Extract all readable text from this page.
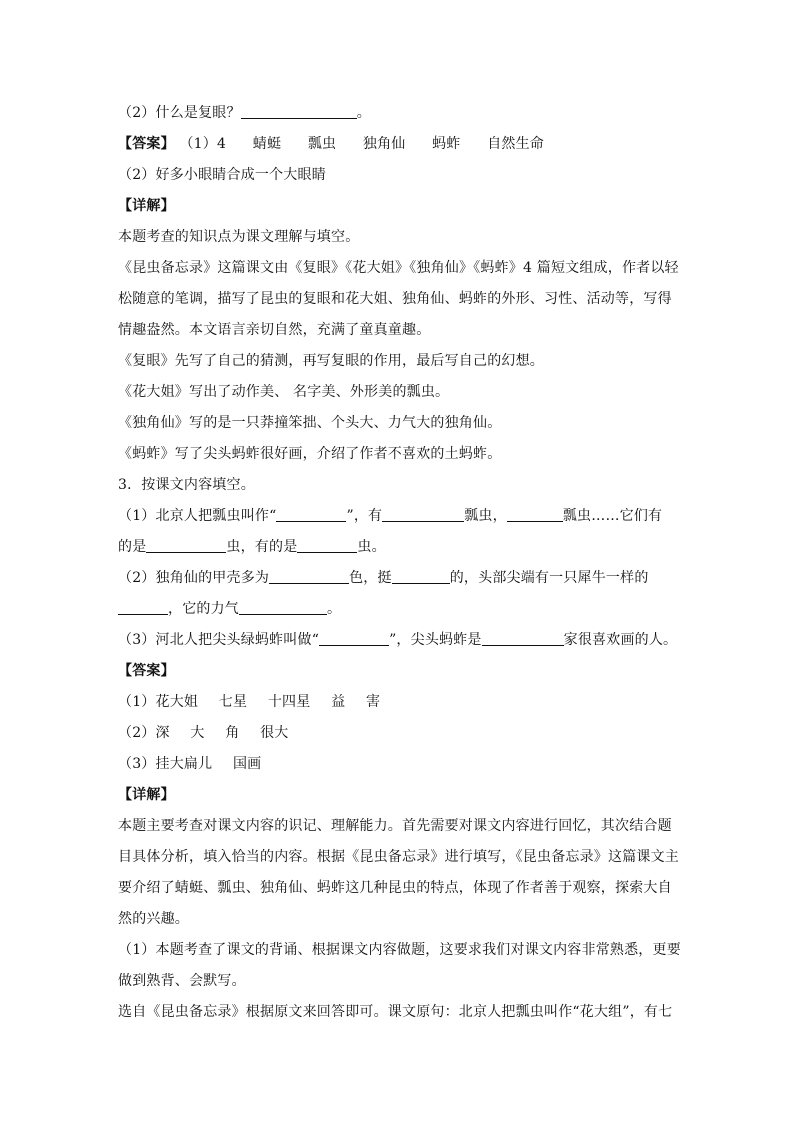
（2）什么是复眼？	。
【答案】 （1）4 蜻蜓 瓢虫 独角仙 蚂蚱 自然生命
（2）好多小眼睛合成一个大眼睛
【详解】
本题考查的知识点为课文理解与填空。
《昆虫备忘录》这篇课文由《复眼》《花大姐》《独角仙》《蚂蚱》4 篇短文组成，作者以轻
松随意的笔调，描写了昆虫的复眼和花大姐、独角仙、蚂蚱的外形、习性、活动等，写得
情趣盎然。本文语言亲切自然，充满了童真童趣。
《复眼》先写了自己的猜测，再写复眼的作用，最后写自己的幻想。
《花大姐》写出了动作美、 名字美、外形美的瓢虫。
《独角仙》写的是一只莽撞笨拙、个头大、力气大的独角仙。
《蚂蚱》写了尖头蚂蚱很好画，介绍了作者不喜欢的土蚂蚱。
3．按课文内容填空。
（1）北京人把瓢虫叫作“	”，有	瓢虫，	瓢虫……它们有
的是	虫，有的是	虫。
（2）独角仙的甲壳多为	色，挺	的，头部尖端有一只犀牛一样的
，它的力气	。
（3）河北人把尖头绿蚂蚱叫做“	”，尖头蚂蚱是	家很喜欢画的人。
【答案】
（1）花大姐 七星 十四星 益 害
（2）深 大 角 很大
（3）挂大扁儿 国画
【详解】
本题主要考查对课文内容的识记、理解能力。首先需要对课文内容进行回忆，其次结合题
目具体分析，填入恰当的内容。根据《昆虫备忘录》进行填写，《昆虫备忘录》这篇课文主
要介绍了蜻蜓、瓢虫、独角仙、蚂蚱这几种昆虫的特点，体现了作者善于观察，探索大自
然的兴趣。
（1）本题考查了课文的背诵、根据课文内容做题，这要求我们对课文内容非常熟悉，更要
做到熟背、会默写。
选自《昆虫备忘录》根据原文来回答即可。课文原句：北京人把瓢虫叫作“花大组”，有七
